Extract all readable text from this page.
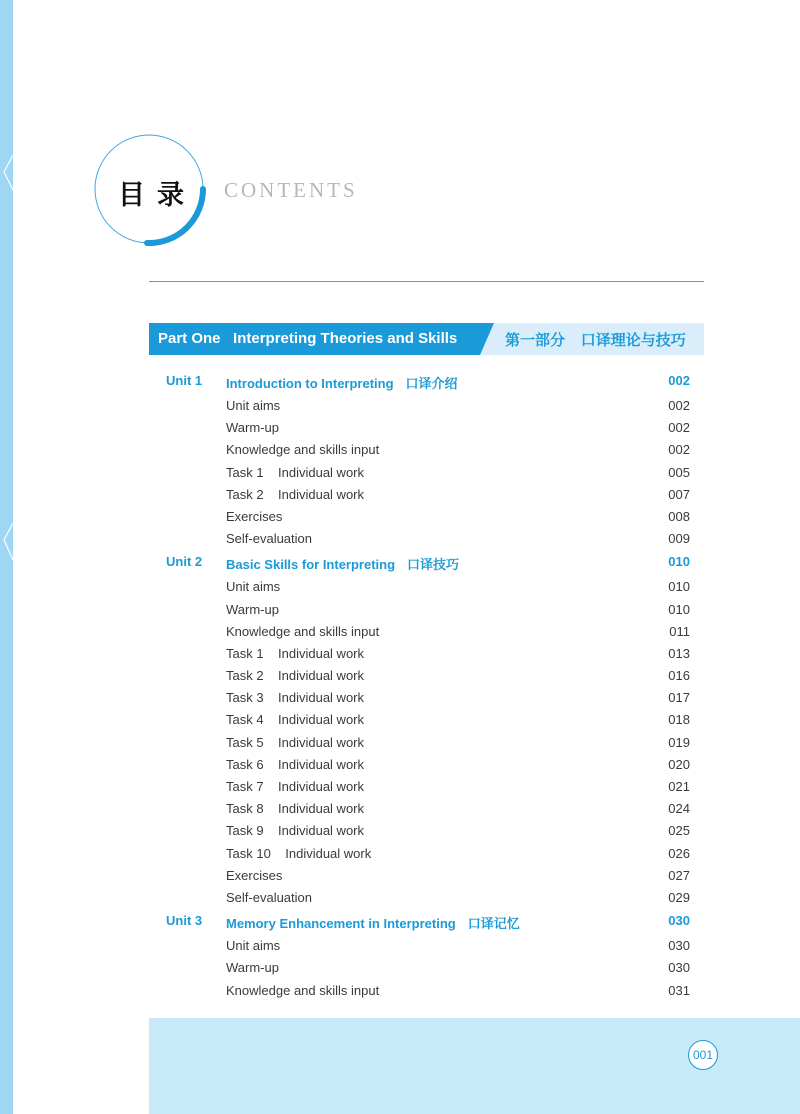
目录 CONTENTS
Part One Interpreting Theories and Skills	第一部分 口译理论与技巧
Unit 1 Introduction to Interpreting 口译介绍	002
Unit aims	002
Warm-up	002
Knowledge and skills input	002
Task 1    Individual work	005
Task 2    Individual work	007
Exercises	008
Self-evaluation	009
Unit 2 Basic Skills for Interpreting 口译技巧	010
Unit aims	010
Warm-up	010
Knowledge and skills input	011
Task 1    Individual work	013
Task 2    Individual work	016
Task 3    Individual work	017
Task 4    Individual work	018
Task 5    Individual work	019
Task 6    Individual work	020
Task 7    Individual work	021
Task 8    Individual work	024
Task 9    Individual work	025
Task 10    Individual work	026
Exercises	027
Self-evaluation	029
Unit 3 Memory Enhancement in Interpreting 口译记忆	030
Unit aims	030
Warm-up	030
Knowledge and skills input	031
001
